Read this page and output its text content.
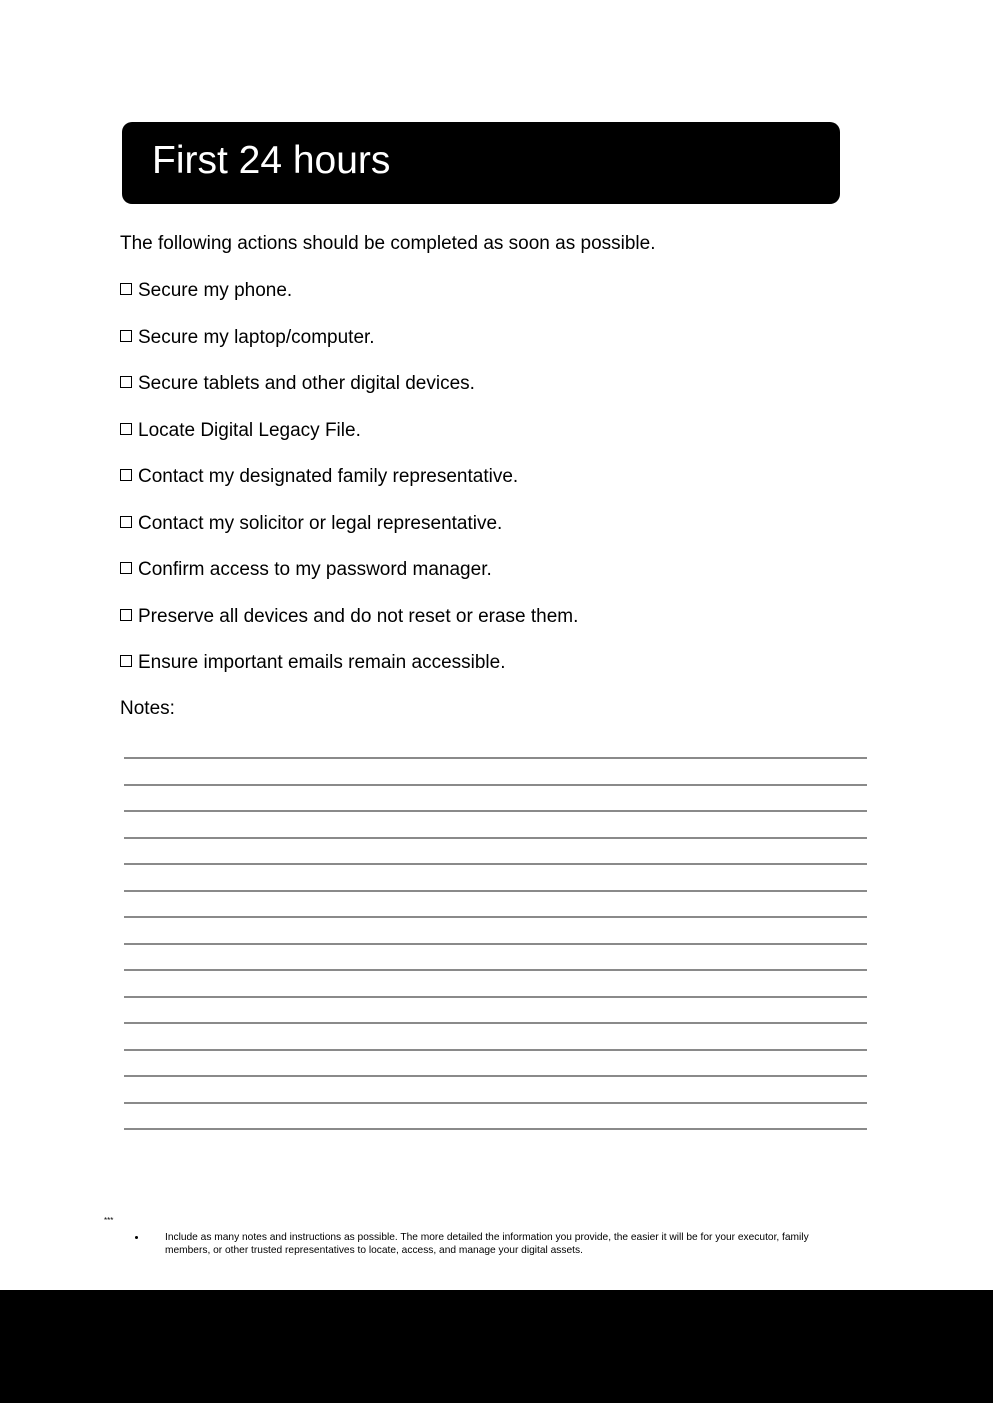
First 24 hours
The following actions should be completed as soon as possible.
Secure my phone.
Secure my laptop/computer.
Secure tablets and other digital devices.
Locate Digital Legacy File.
Contact my designated family representative.
Contact my solicitor or legal representative.
Confirm access to my password manager.
Preserve all devices and do not reset or erase them.
Ensure important emails remain accessible.
Notes:
***
Include as many notes and instructions as possible. The more detailed the information you provide, the easier it will be for your executor, family members, or other trusted representatives to locate, access, and manage your digital assets.
